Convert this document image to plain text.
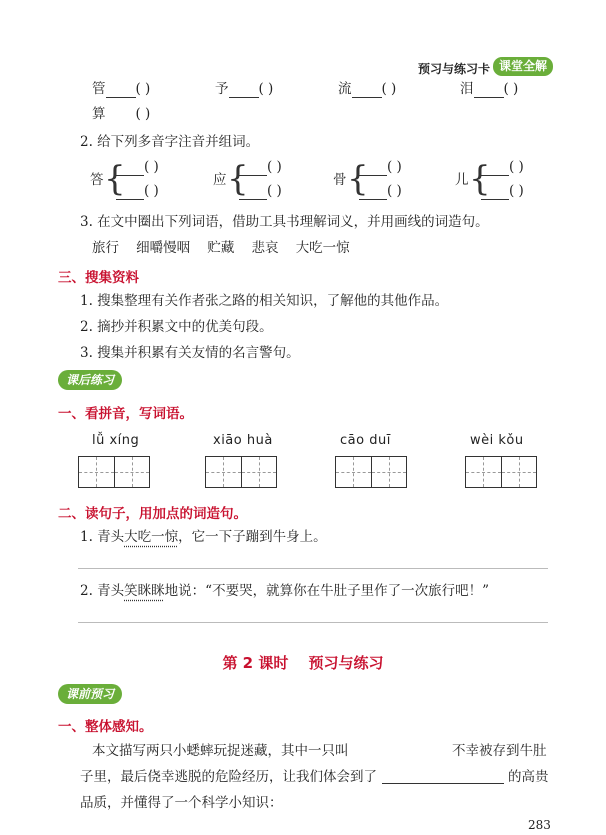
预习与练习卡 课堂全解
管 ( )	予 ( )	流 ( )	泪 ( )
算 ( )
2. 给下列多音字注音并组词。
答 {	( )
( )
应 {	( )
( )
骨 {	( )
( )
儿 {	( )
( )
3. 在文中圈出下列词语，借助工具书理解词义，并用画线的词造句。
旅行 细嚼慢咽 贮藏 悲哀 大吃一惊
三、搜集资料
1. 搜集整理有关作者张之路的相关知识，了解他的其他作品。
2. 摘抄并积累文中的优美句段。
3. 搜集并积累有关友情的名言警句。
课后练习
一、看拼音，写词语。
lǚ xíng	xiāo huà	cāo duī	wèi kǒu
二、读句子，用加点的词造句。
1. 青头大吃一惊，它一下子蹦到牛身上。
2. 青头笑眯眯地说：“不要哭，就算你在牛肚子里作了一次旅行吧！”
第 2 课时　 预习与练习
课前预习
一、整体感知。
本文描写两只小蟋蟀玩捉迷藏，其中一只叫	不幸被存到牛肚
子里，最后侥幸逃脱的危险经历，让我们体会到了	的高贵
品质，并懂得了一个科学小知识：
283
